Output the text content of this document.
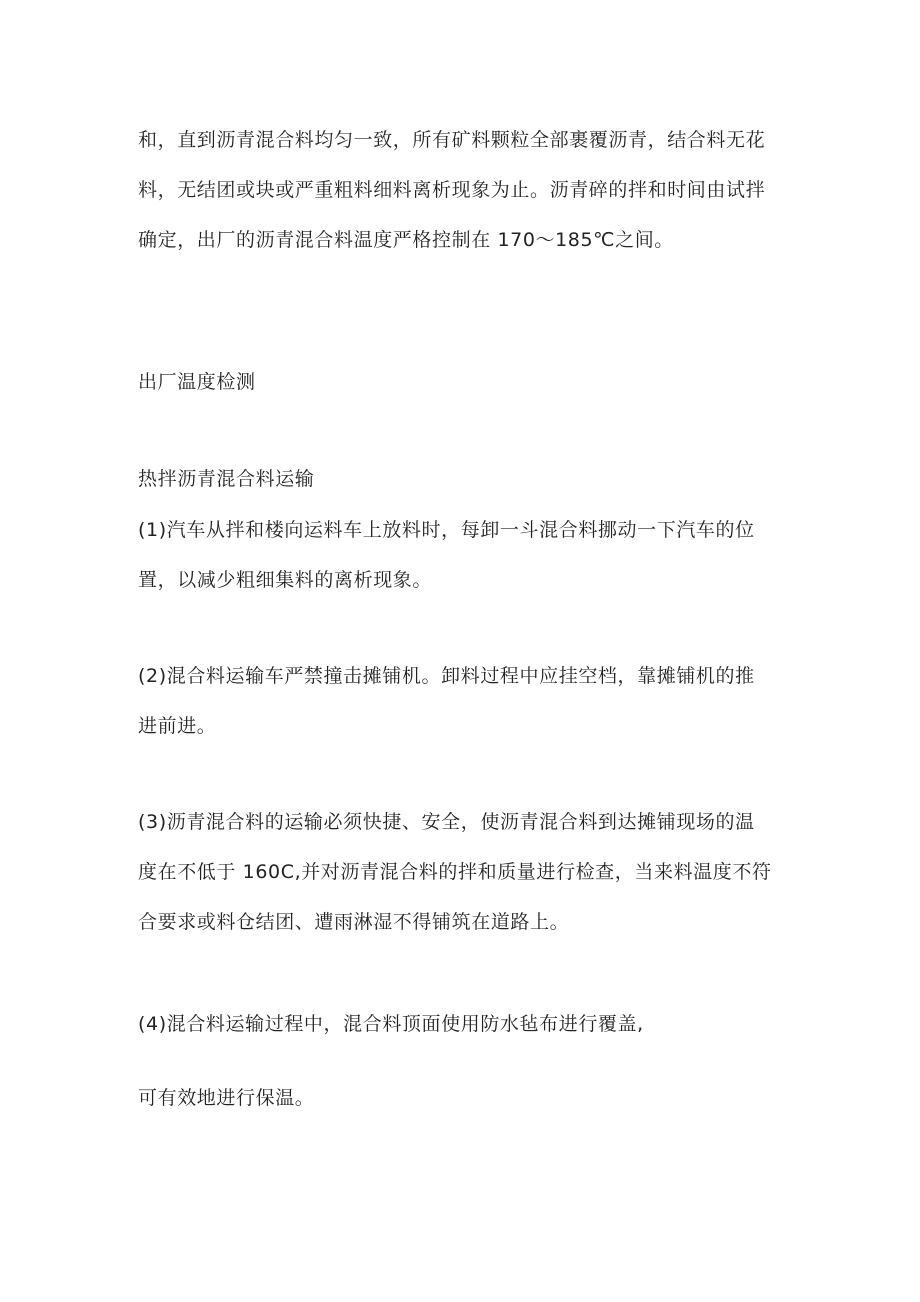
和，直到沥青混合料均匀一致，所有矿料颗粒全部裹覆沥青，结合料无花
料，无结团或块或严重粗料细料离析现象为止。沥青碎的拌和时间由试拌
确定，出厂的沥青混合料温度严格控制在 170～185℃之间。
出厂温度检测
热拌沥青混合料运输
(1)汽车从拌和楼向运料车上放料时，每卸一斗混合料挪动一下汽车的位
置，以减少粗细集料的离析现象。
(2)混合料运输车严禁撞击摊铺机。卸料过程中应挂空档，靠摊铺机的推
进前进。
(3)沥青混合料的运输必须快捷、安全，使沥青混合料到达摊铺现场的温
度在不低于 160C,并对沥青混合料的拌和质量进行检查，当来料温度不符
合要求或料仓结团、遭雨淋湿不得铺筑在道路上。
(4)混合料运输过程中，混合料顶面使用防水毡布进行覆盖,
可有效地进行保温。
